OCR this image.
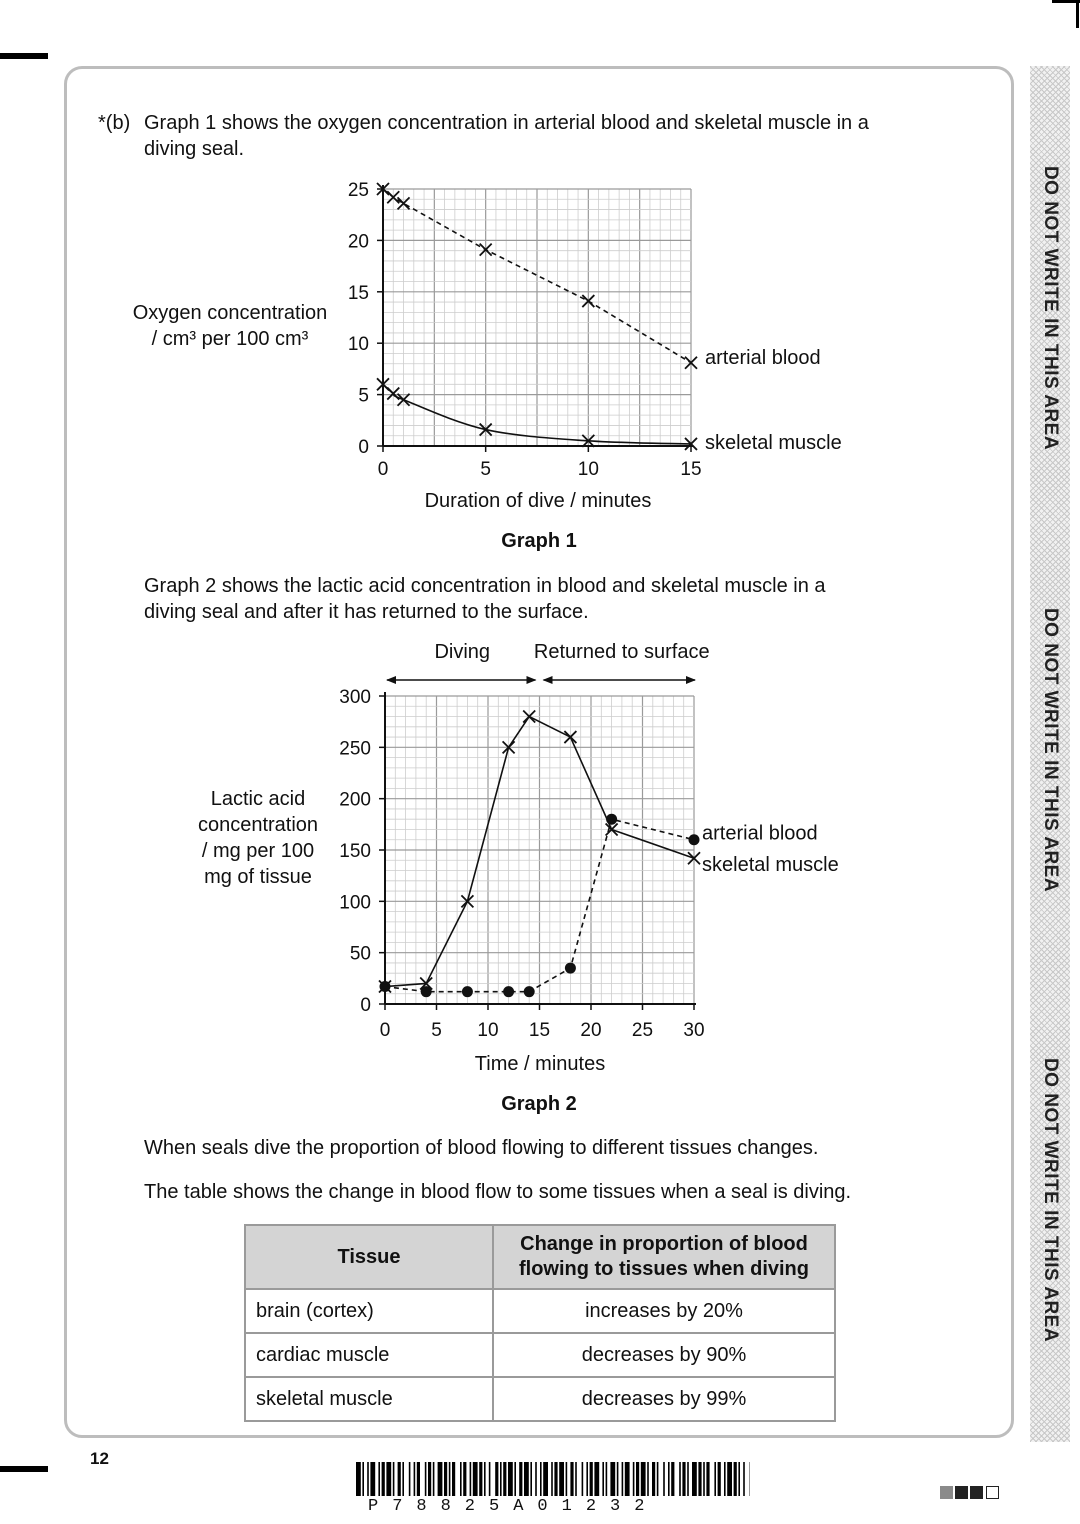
DO NOT WRITE IN THIS AREA
DO NOT WRITE IN THIS AREA
DO NOT WRITE IN THIS AREA
*(b) Graph 1 shows the oxygen concentration in arterial blood and skeletal muscle in a diving seal.
Oxygen concentration
/ cm³ per 100 cm³
0
5
10
15
20
25
0	5	10	15
arterial blood
skeletal muscle
Duration of dive / minutes
Graph 1
Graph 2 shows the lactic acid concentration in blood and skeletal muscle in a diving seal and after it has returned to the surface.
Lactic acid
concentration
/ mg per 100
mg of tissue
0
50
100
150
200
250
300
0 5 10 15 20 25 30
Diving Returned to surface
arterial blood
skeletal muscle
Time / minutes
Graph 2
When seals dive the proportion of blood flowing to different tissues changes.
The table shows the change in blood flow to some tissues when a seal is diving.
Tissue	Change in proportion of blood flowing to tissues when diving

brain (cortex)	increases by 20%
cardiac muscle	decreases by 90%
skeletal muscle	decreases by 99%
12
P78825A01232
